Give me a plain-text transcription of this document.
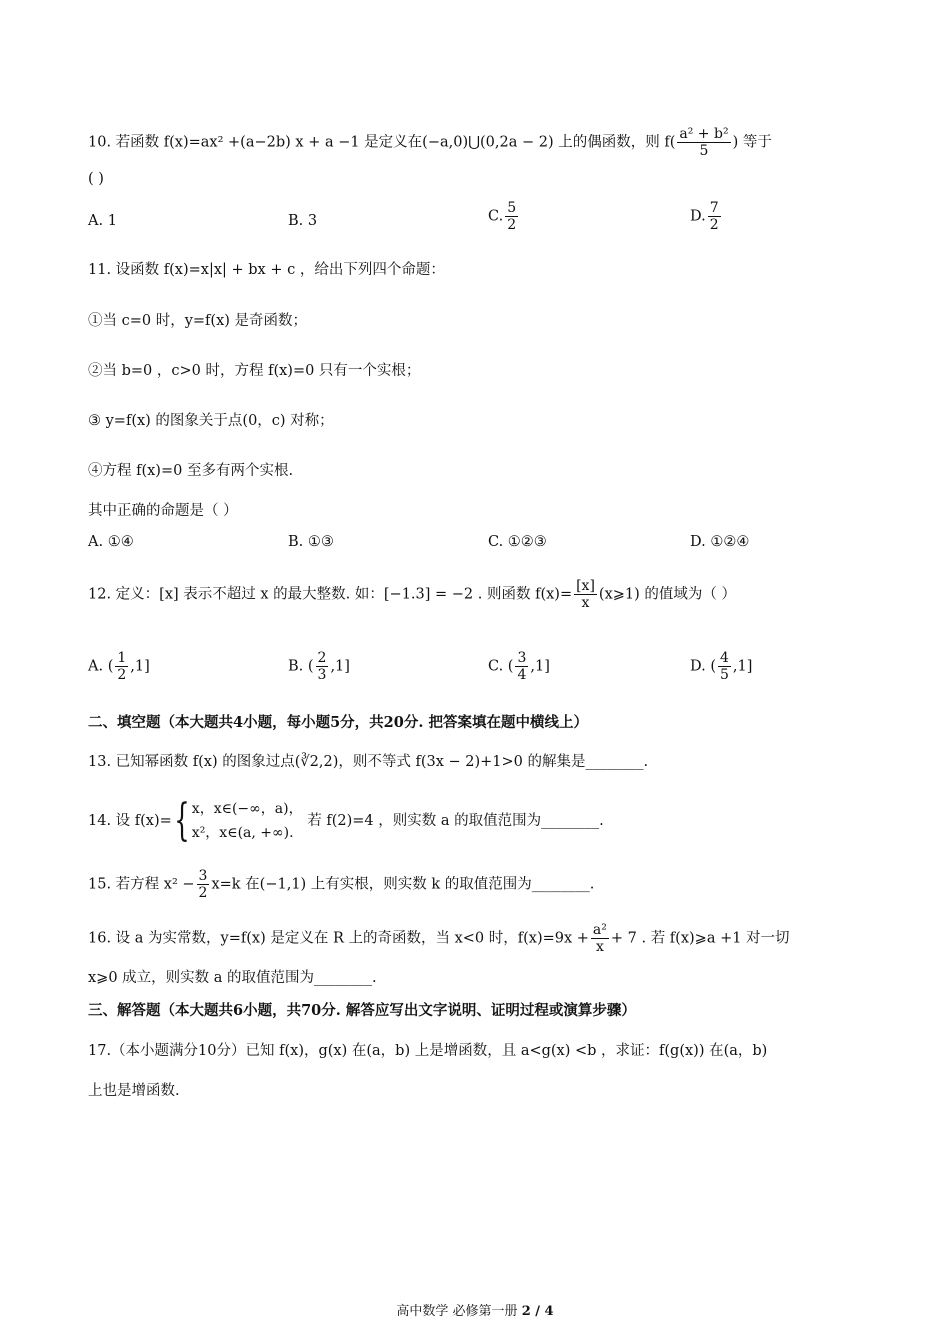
10. 若函数 f(x)=ax² +(a−2b) x + a −1 是定义在(−a,0)⋃(0,2a − 2) 上的偶函数，则 $f( \frac{\text{a² + b²}}{5}$ ) 等于
( )
A. 1	B. 3	C. $\frac{5}{2}$	D. $\frac{7}{2}$
11. 设函数 f(x)=x|x| + bx + c ，给出下列四个命题：
①当 c=0 时，y=f(x) 是奇函数；
②当 b=0 ，c>0 时，方程 f(x)=0 只有一个实根；
③ y=f(x) 的图象关于点(0，c) 对称；
④方程 f(x)=0 至多有两个实根.
其中正确的命题是（ ）
A. ①④	B. ①③	C. ①②③	D. ①②④
12. 定义：[x] 表示不超过 x 的最大整数. 如：[−1.3] = −2 . 则函数 $f(x)= \frac{[x]}{x}$ (x⩾1) 的值域为（ ）
A. ( $\frac{1}{2} ,1$]	B. ( $\frac{2}{3} ,1$]	C. ( $\frac{3}{4} ,1$]	D. ( $\frac{4}{5} ,1$]
二、填空题（本大题共4小题，每小题5分，共20分. 把答案填在题中横线上）
13. 已知幂函数 f(x) 的图象过点(∛2,2)，则不等式 f(3x − 2)+1>0 的解集是________.
14. 设 f(x)={ x，x∈(−∞，a)，
x²，x∈(a, +∞).
若 f(2)=4 ，则实数 a 的取值范围为________.
15. 若方程 $x^2 - \frac{3}{2} x=k$ 在(−1,1) 上有实根，则实数 k 的取值范围为________.
16. 设 a 为实常数，y=f(x) 是定义在 R 上的奇函数，当 x<0 时，$f(x)=9x + \frac{\text{a²}}{x} + 7$ . 若 f(x)⩾a +1 对一切
x⩾0 成立，则实数 a 的取值范围为________.
三、解答题（本大题共6小题，共70分. 解答应写出文字说明、证明过程或演算步骤）
17.（本小题满分10分）已知 f(x)，g(x) 在(a，b) 上是增函数，且 a<g(x) <b ，求证：f(g(x)) 在(a，b)
上也是增函数.
高中数学 必修第一册 2 / 4
